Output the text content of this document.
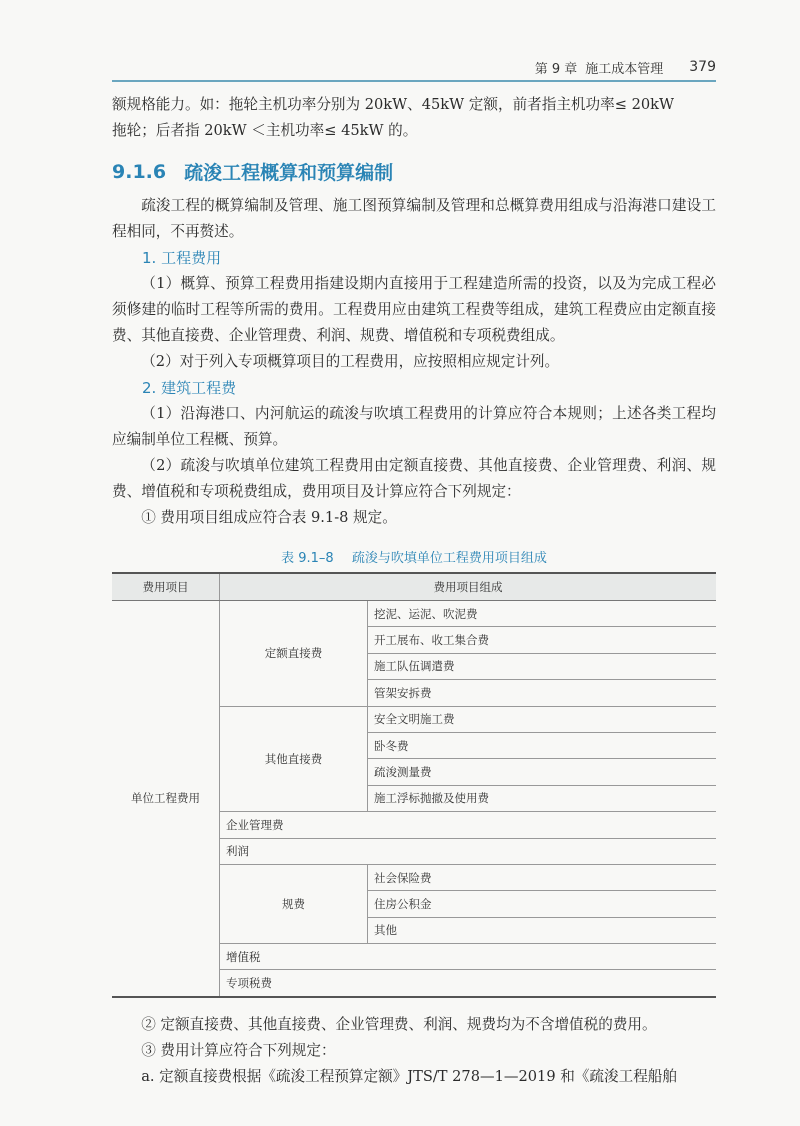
第 9 章 施工成本管理 379

额规格能力。如：拖轮主机功率分别为 20kW、45kW 定额，前者指主机功率≤ 20kW

拖轮；后者指 20kW ＜主机功率≤ 45kW 的。

9.1.6 疏浚工程概算和预算编制

疏浚工程的概算编制及管理、施工图预算编制及管理和总概算费用组成与沿海港口建设工程相同，不再赘述。

1. 工程费用

（1）概算、预算工程费用指建设期内直接用于工程建造所需的投资，以及为完成工程必须修建的临时工程等所需的费用。工程费用应由建筑工程费等组成，建筑工程费应由定额直接费、其他直接费、企业管理费、利润、规费、增值税和专项税费组成。

（2）对于列入专项概算项目的工程费用，应按照相应规定计列。

2. 建筑工程费

（1）沿海港口、内河航运的疏浚与吹填工程费用的计算应符合本规则；上述各类工程均应编制单位工程概、预算。

（2）疏浚与吹填单位建筑工程费用由定额直接费、其他直接费、企业管理费、利润、规费、增值税和专项税费组成，费用项目及计算应符合下列规定：

① 费用项目组成应符合表 9.1-8 规定。

表 9.1–8 疏浚与吹填单位工程费用项目组成
费用项目	费用项目组成	
单位工程费用	定额直接费	挖泥、运泥、吹泥费
		开工展布、收工集合费
		施工队伍调遣费
		管架安拆费
	其他直接费	安全文明施工费
		卧冬费
		疏浚测量费
		施工浮标抛撤及使用费
	企业管理费	
	利润	
	规费	社会保险费
		住房公积金
		其他
	增值税	
	专项税费	

② 定额直接费、其他直接费、企业管理费、利润、规费均为不含增值税的费用。

③ 费用计算应符合下列规定：

a. 定额直接费根据《疏浚工程预算定额》JTS/T 278—1—2019 和《疏浚工程船舶
